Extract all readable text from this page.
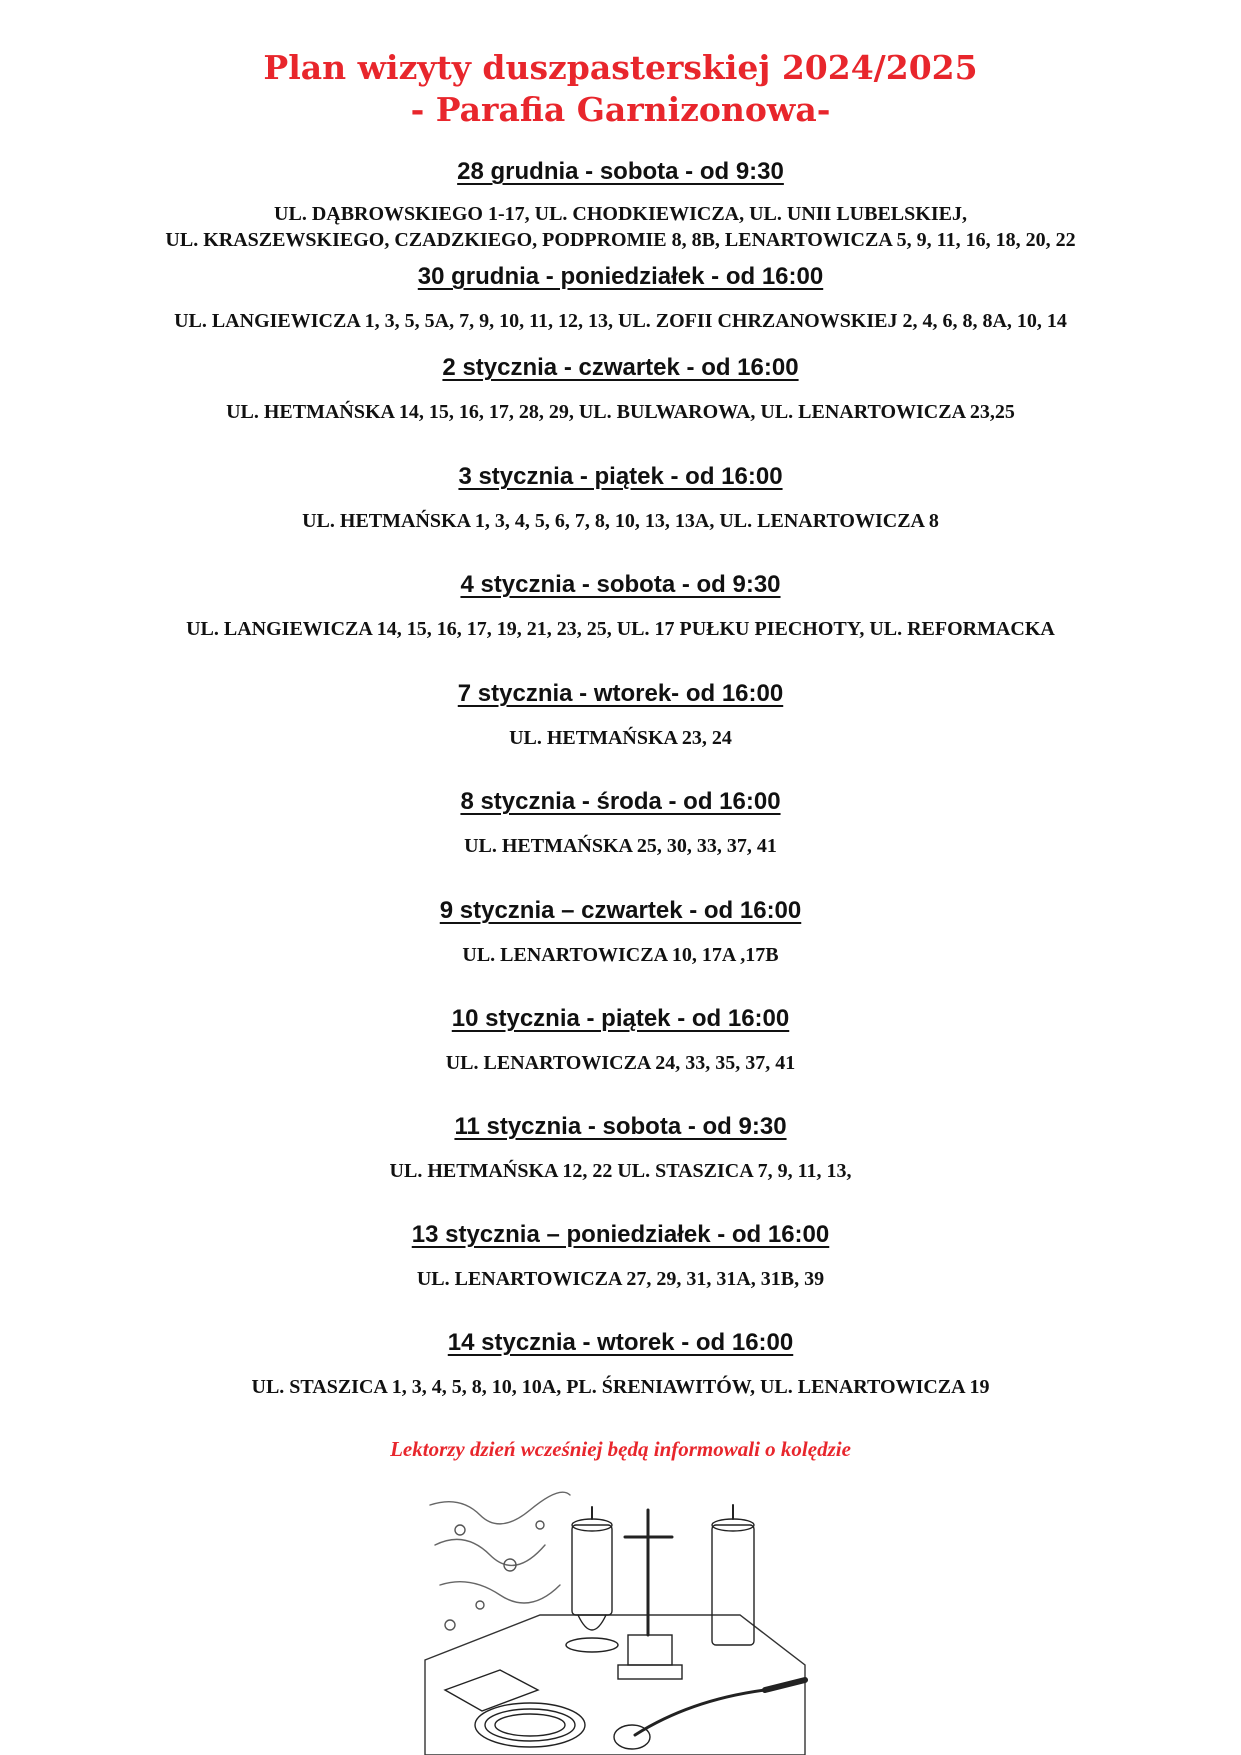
Plan wizyty duszpasterskiej 2024/2025
- Parafia Garnizonowa-

28 grudnia - sobota - od 9:30

UL. DĄBROWSKIEGO 1-17, UL. CHODKIEWICZA, UL. UNII LUBELSKIEJ,

UL. KRASZEWSKIEGO, CZADZKIEGO, PODPROMIE 8, 8B, LENARTOWICZA 5, 9, 11, 16, 18, 20, 22

30 grudnia - poniedziałek - od 16:00

UL. LANGIEWICZA 1, 3, 5, 5A, 7, 9, 10, 11, 12, 13, UL. ZOFII CHRZANOWSKIEJ 2, 4, 6, 8, 8A, 10, 14

2 stycznia - czwartek - od 16:00

UL. HETMAŃSKA 14, 15, 16, 17, 28, 29, UL. BULWAROWA, UL. LENARTOWICZA 23,25

3 stycznia - piątek - od 16:00

UL. HETMAŃSKA 1, 3, 4, 5, 6, 7, 8, 10, 13, 13A, UL. LENARTOWICZA 8

4 stycznia - sobota - od 9:30

UL. LANGIEWICZA 14, 15, 16, 17, 19, 21, 23, 25, UL. 17 PUŁKU PIECHOTY, UL. REFORMACKA

7 stycznia - wtorek- od 16:00

UL. HETMAŃSKA 23, 24

8 stycznia - środa - od 16:00

UL. HETMAŃSKA 25, 30, 33, 37, 41

9 stycznia – czwartek - od 16:00

UL. LENARTOWICZA 10, 17A ,17B

10 stycznia - piątek - od 16:00

UL. LENARTOWICZA 24, 33, 35, 37, 41

11 stycznia - sobota - od 9:30

UL. HETMAŃSKA 12, 22 UL. STASZICA 7, 9, 11, 13,

13 stycznia – poniedziałek - od 16:00

UL. LENARTOWICZA 27, 29, 31, 31A, 31B, 39

14 stycznia - wtorek - od 16:00

UL. STASZICA 1, 3, 4, 5, 8, 10, 10A, PL. ŚRENIAWITÓW, UL. LENARTOWICZA 19

Lektorzy dzień wcześniej będą informowali o kolędzie
